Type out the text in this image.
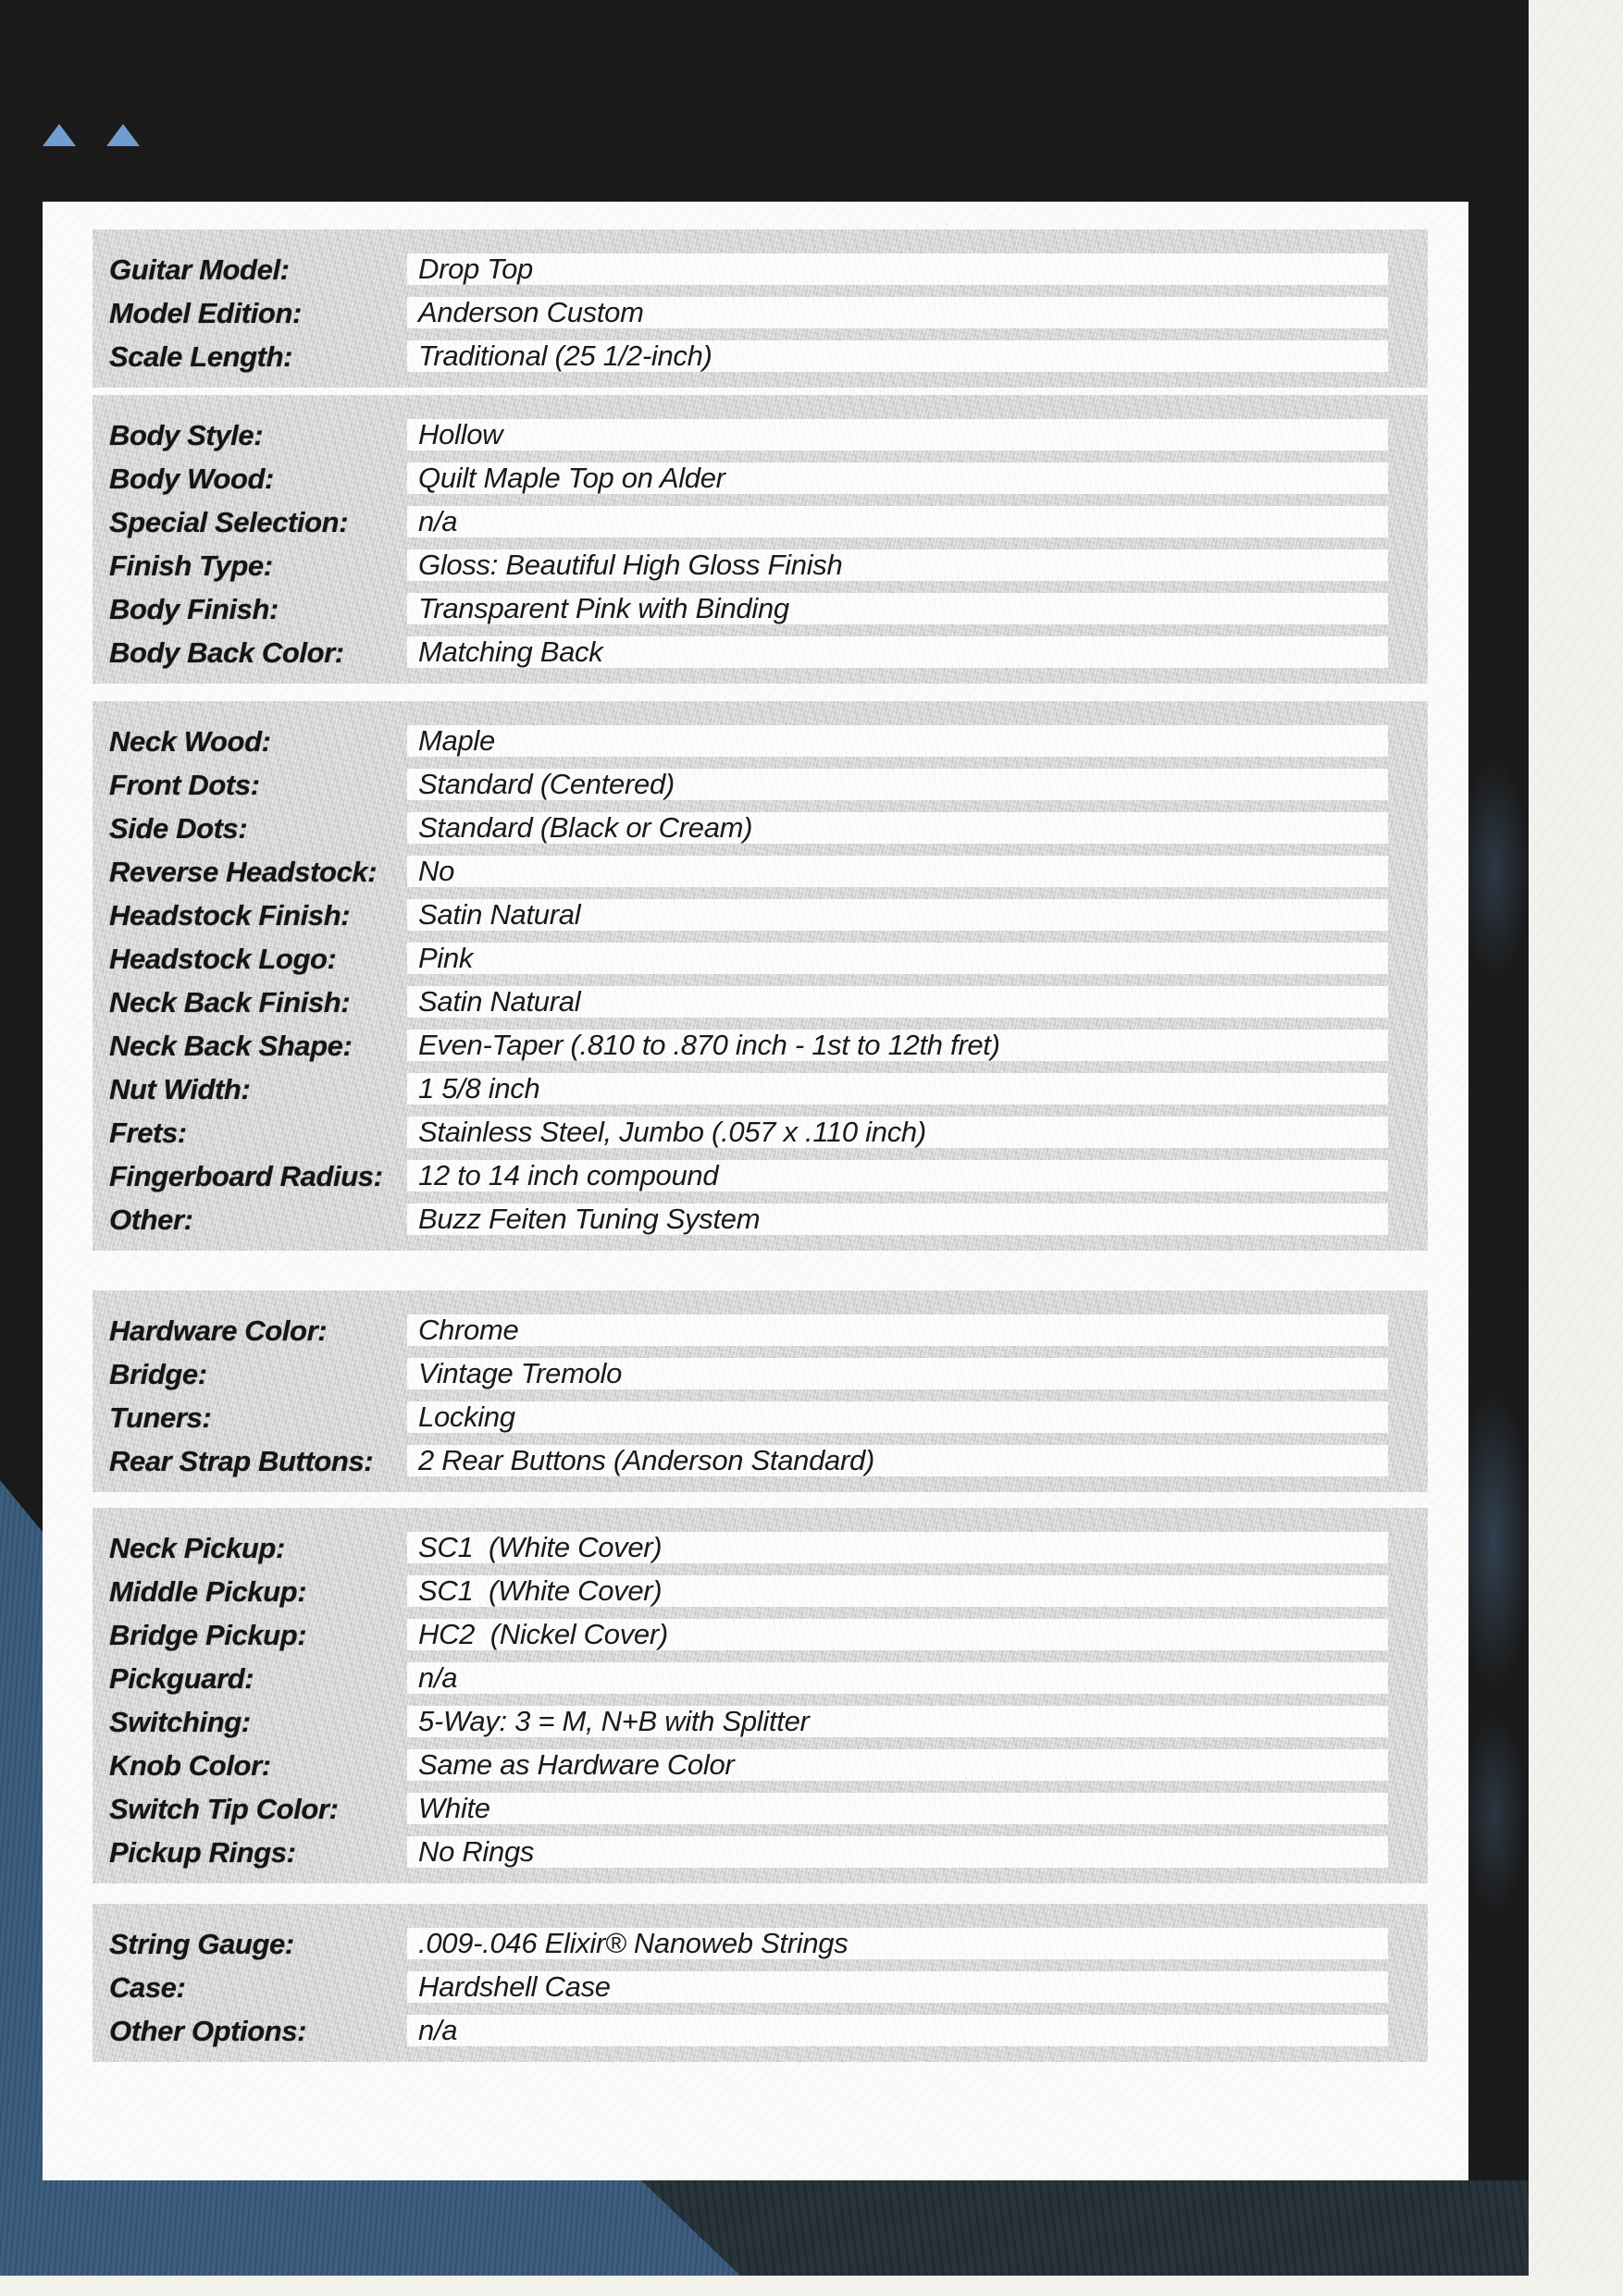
Guitar Model:	Drop Top
Model Edition:	Anderson Custom
Scale Length:	Traditional (25 1/2-inch)
Body Style:	Hollow
Body Wood:	Quilt Maple Top on Alder
Special Selection:	n/a
Finish Type:	Gloss: Beautiful High Gloss Finish
Body Finish:	Transparent Pink with Binding
Body Back Color:	Matching Back
Neck Wood:	Maple
Front Dots:	Standard (Centered)
Side Dots:	Standard (Black or Cream)
Reverse Headstock:	No
Headstock Finish:	Satin Natural
Headstock Logo:	Pink
Neck Back Finish:	Satin Natural
Neck Back Shape:	Even-Taper (.810 to .870 inch - 1st to 12th fret)
Nut Width:	1 5/8 inch
Frets:	Stainless Steel, Jumbo (.057 x .110 inch)
Fingerboard Radius:	12 to 14 inch compound
Other:	Buzz Feiten Tuning System
Hardware Color:	Chrome
Bridge:	Vintage Tremolo
Tuners:	Locking
Rear Strap Buttons:	2 Rear Buttons (Anderson Standard)
Neck Pickup:	SC1  (White Cover)
Middle Pickup:	SC1  (White Cover)
Bridge Pickup:	HC2  (Nickel Cover)
Pickguard:	n/a
Switching:	5-Way: 3 = M, N+B with Splitter
Knob Color:	Same as Hardware Color
Switch Tip Color:	White
Pickup Rings:	No Rings
String Gauge:	.009-.046 Elixir® Nanoweb Strings
Case:	Hardshell Case
Other Options:	n/a
